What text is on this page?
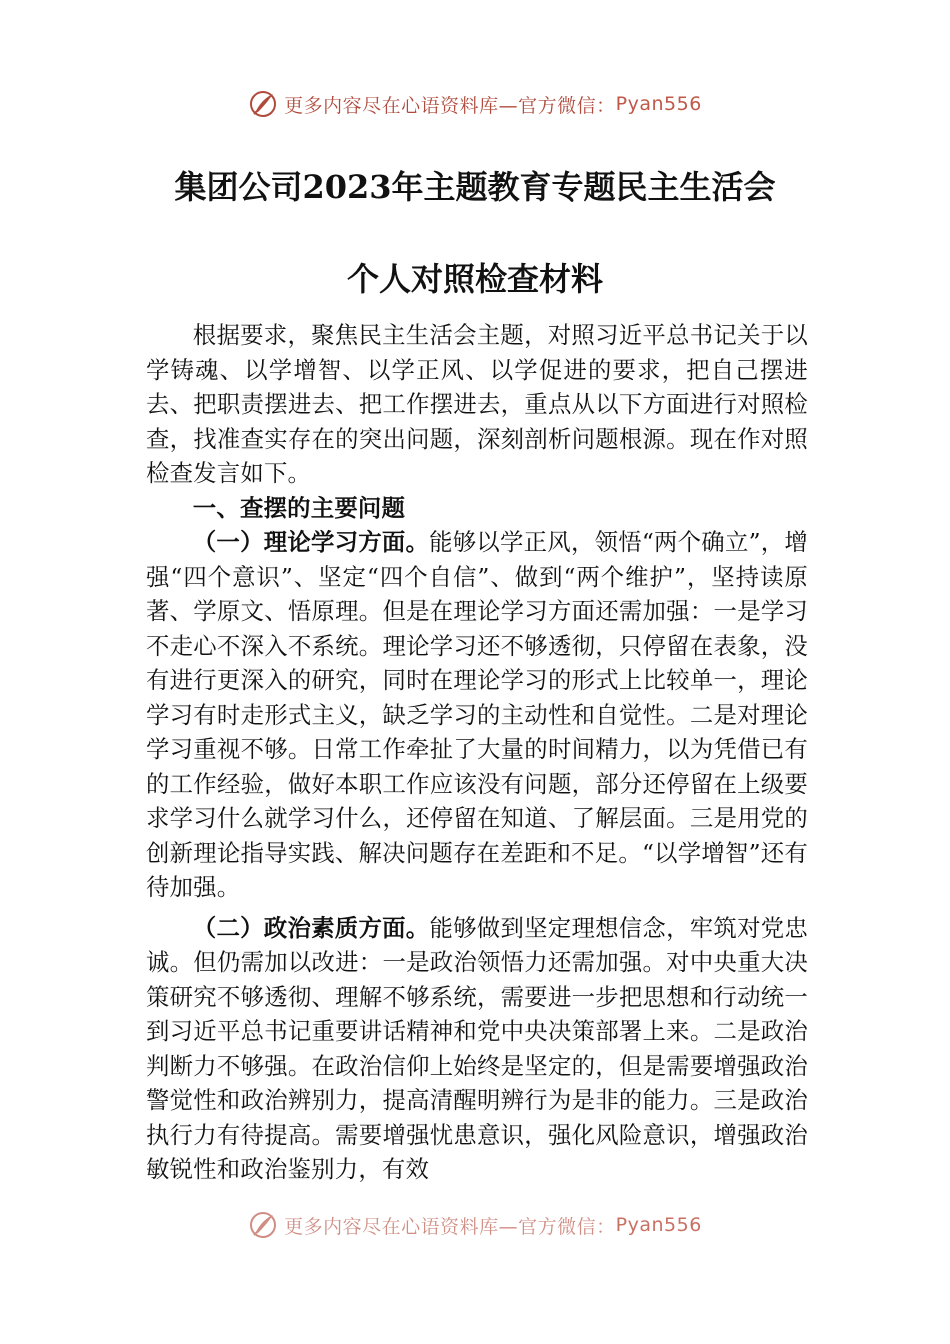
更多内容尽在心语资料库—官方微信： Pyan556
集团公司2023年主题教育专题民主生活会
个人对照检查材料

根据要求，聚焦民主生活会主题，对照习近平总书记关于以学铸魂、以学增智、以学正风、以学促进的要求，把自己摆进去、把职责摆进去、把工作摆进去，重点从以下方面进行对照检查，找准查实存在的突出问题，深刻剖析问题根源。现在作对照检查发言如下。

一、查摆的主要问题

（一）理论学习方面。能够以学正风，领悟“两个确立”，增强“四个意识”、坚定“四个自信”、做到“两个维护”，坚持读原著、学原文、悟原理。但是在理论学习方面还需加强：一是学习不走心不深入不系统。理论学习还不够透彻，只停留在表象，没有进行更深入的研究，同时在理论学习的形式上比较单一，理论学习有时走形式主义，缺乏学习的主动性和自觉性。二是对理论学习重视不够。日常工作牵扯了大量的时间精力，以为凭借已有的工作经验，做好本职工作应该没有问题，部分还停留在上级要求学习什么就学习什么，还停留在知道、了解层面。三是用党的创新理论指导实践、解决问题存在差距和不足。“以学增智”还有待加强。

（二）政治素质方面。能够做到坚定理想信念，牢筑对党忠诚。但仍需加以改进：一是政治领悟力还需加强。对中央重大决策研究不够透彻、理解不够系统，需要进一步把思想和行动统一到习近平总书记重要讲话精神和党中央决策部署上来。二是政治判断力不够强。在政治信仰上始终是坚定的，但是需要增强政治警觉性和政治辨别力，提高清醒明辨行为是非的能力。三是政治执行力有待提高。需要增强忧患意识，强化风险意识，增强政治敏锐性和政治鉴别力，有效

更多内容尽在心语资料库—官方微信： Pyan556
